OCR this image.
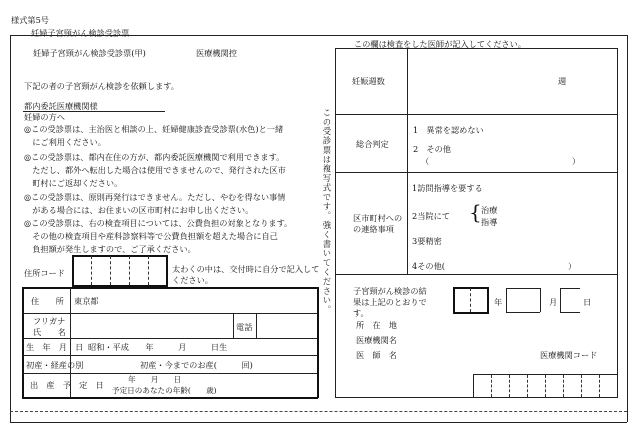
様式第5号
妊婦子宮頸がん検診受診票
妊婦子宮頸がん検診受診票(甲)	医療機関控
下記の者の子宮頸がん検診を依頼します。
都内委託医療機関様
妊婦の方へ
◎この受診票は、主治医と相談の上、妊婦健康診査受診票(水色)と一緒
　にご利用ください。
◎この受診票は、都内在住の方が、都内委託医療機関で利用できます。
　ただし、都外へ転出した場合は使用できませんので、発行された区市
　町村にご返却ください。
◎この受診票は、原則再発行はできません。ただし、やむを得ない事情
　がある場合には、お住まいの区市町村にお申し出ください。
◎この受診票は、右の検査項目については、公費負担の対象となります。
　その他の検査項目や産科診察料等で公費負担額を超えた場合に自己
　負担額が発生しますので、ご了承ください。
住所コード	太わくの中は、交付時に自分で記入して
ください。
住　　所 東京都
フリガナ
氏　　名	電話
生　年　月　日 昭和・平成　　年　　　月　　　日生
初産・経産の別	初産・今までのお産(　　　回)
出　産　予　定　日
年　　月　　日
予定日のあなたの年齢(　　歳)
この受診票は複写式です。強く書いてください。
この欄は検査をした医師が記入してください。
妊娠週数	週
総合判定
1　異常を認めない
2　その他
（	）
区市町村への
の連絡事項
1訪問指導を要する
2当院にて { 治療
指導
3要精密
4その他(	）
子宮頸がん検診の結
果は上記のとおりで
す。
年	月	日
所　在　地
医療機関名
医　師　名	医療機関コード
